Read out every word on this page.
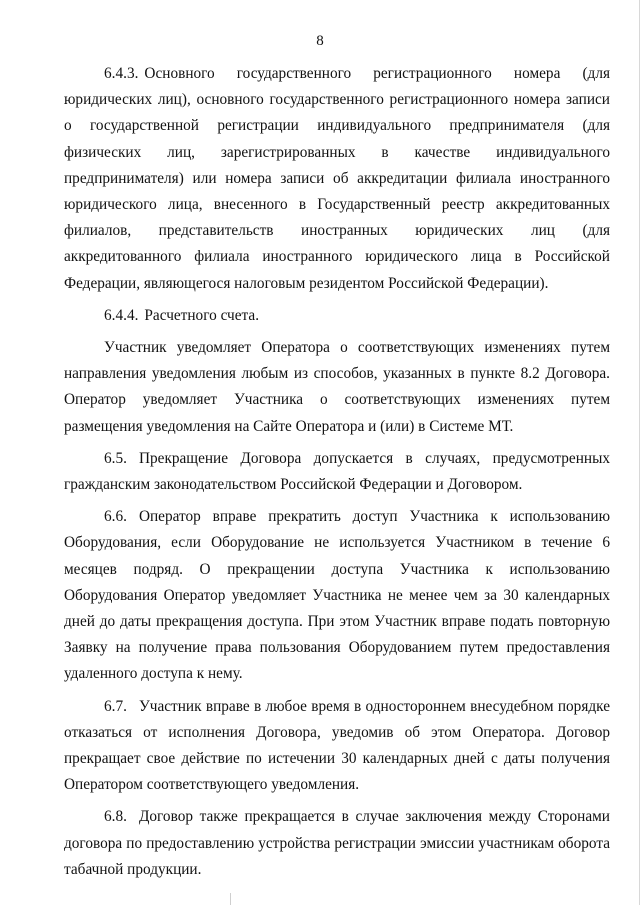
8

6.4.3. Основного государственного регистрационного номера (для юридических лиц), основного государственного регистрационного номера записи о государственной регистрации индивидуального предпринимателя (для физических лиц, зарегистрированных в качестве индивидуального предпринимателя) или номера записи об аккредитации филиала иностранного юридического лица, внесенного в Государственный реестр аккредитованных филиалов, представительств иностранных юридических лиц (для аккредитованного филиала иностранного юридического лица в Российской Федерации, являющегося налоговым резидентом Российской Федерации).

6.4.4. Расчетного счета.

Участник уведомляет Оператора о соответствующих изменениях путем направления уведомления любым из способов, указанных в пункте 8.2 Договора. Оператор уведомляет Участника о соответствующих изменениях путем размещения уведомления на Сайте Оператора и (или) в Системе МТ.

6.5. Прекращение Договора допускается в случаях, предусмотренных гражданским законодательством Российской Федерации и Договором.

6.6. Оператор вправе прекратить доступ Участника к использованию Оборудования, если Оборудование не используется Участником в течение 6 месяцев подряд. О прекращении доступа Участника к использованию Оборудования Оператор уведомляет Участника не менее чем за 30 календарных дней до даты прекращения доступа. При этом Участник вправе подать повторную Заявку на получение права пользования Оборудованием путем предоставления удаленного доступа к нему.

6.7. Участник вправе в любое время в одностороннем внесудебном порядке отказаться от исполнения Договора, уведомив об этом Оператора. Договор прекращает свое действие по истечении 30 календарных дней с даты получения Оператором соответствующего уведомления.

6.8. Договор также прекращается в случае заключения между Сторонами договора по предоставлению устройства регистрации эмиссии участникам оборота табачной продукции.
